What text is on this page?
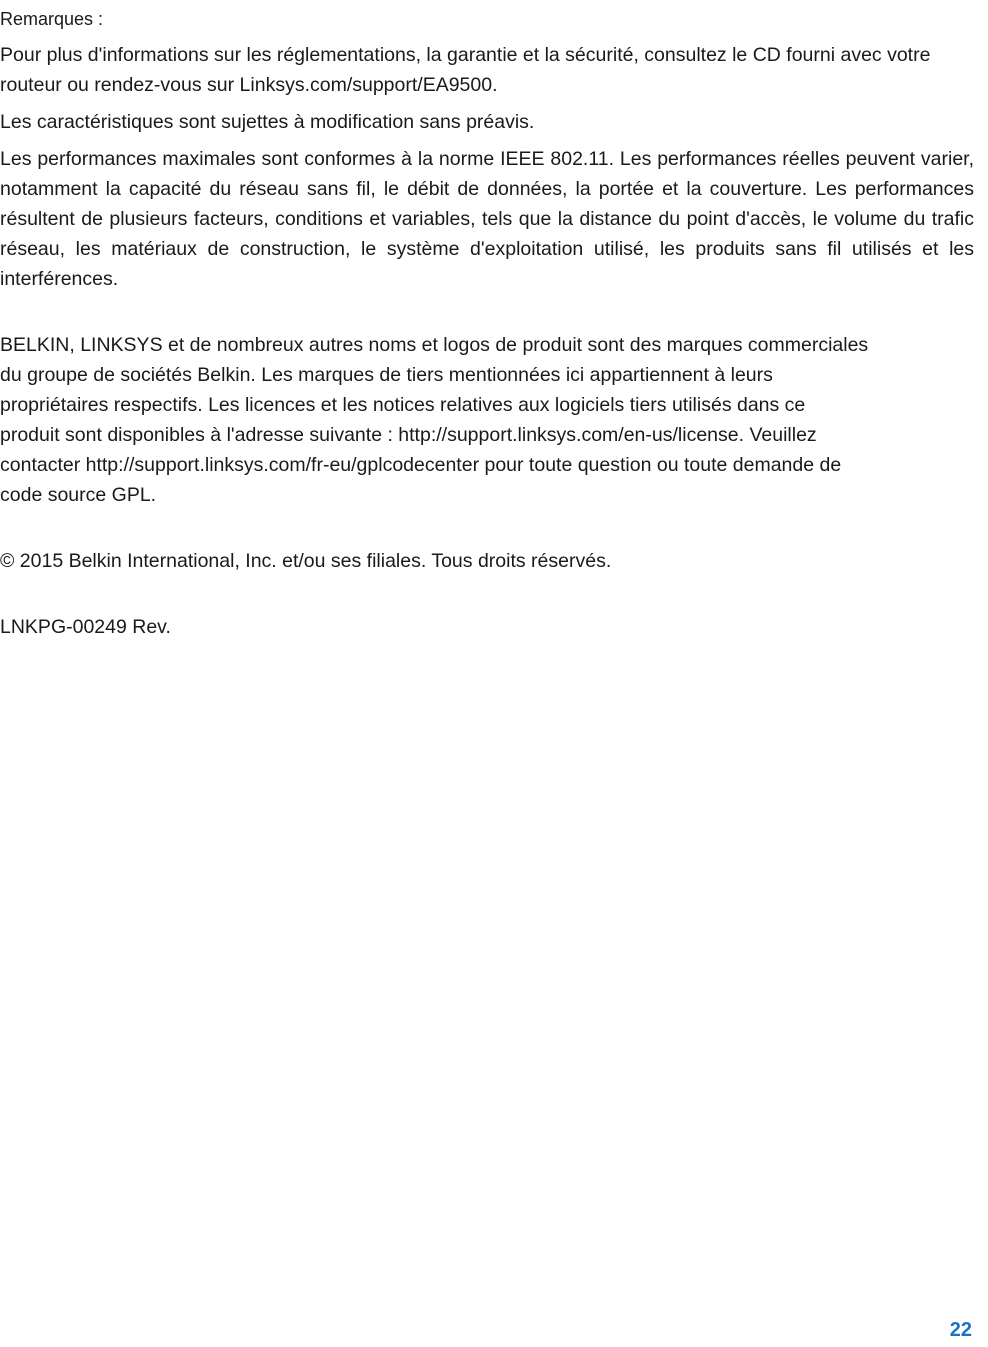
Remarques :

Pour plus d'informations sur les réglementations, la garantie et la sécurité, consultez le CD fourni avec votre routeur ou rendez-vous sur Linksys.com/support/EA9500.

Les caractéristiques sont sujettes à modification sans préavis.

Les performances maximales sont conformes à la norme IEEE 802.11. Les performances réelles peuvent varier, notamment la capacité du réseau sans fil, le débit de données, la portée et la couverture. Les performances résultent de plusieurs facteurs, conditions et variables, tels que la distance du point d'accès, le volume du trafic réseau, les matériaux de construction, le système d'exploitation utilisé, les produits sans fil utilisés et les interférences.

BELKIN, LINKSYS et de nombreux autres noms et logos de produit sont des marques commerciales
du groupe de sociétés Belkin. Les marques de tiers mentionnées ici appartiennent à leurs
propriétaires respectifs. Les licences et les notices relatives aux logiciels tiers utilisés dans ce
produit sont disponibles à l'adresse suivante : http://support.linksys.com/en-us/license. Veuillez
contacter http://support.linksys.com/fr-eu/gplcodecenter pour toute question ou toute demande de
code source GPL.

© 2015 Belkin International, Inc. et/ou ses filiales. Tous droits réservés.

LNKPG-00249 Rev.

22
